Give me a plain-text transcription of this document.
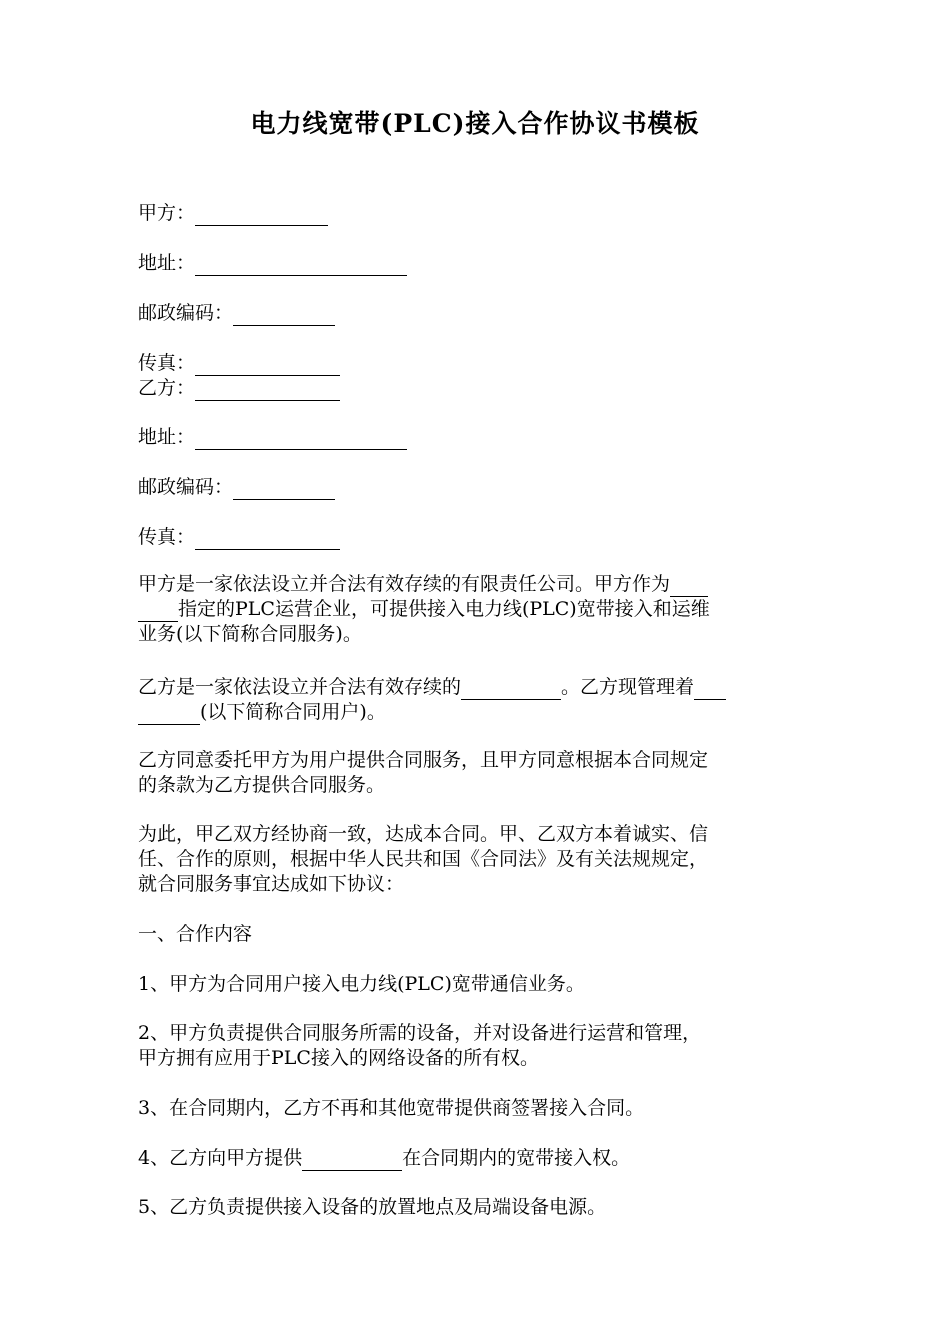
电力线宽带(PLC)接入合作协议书模板
甲方：
地址：
邮政编码：
传真：
乙方：
地址：
邮政编码：
传真：
甲方是一家依法设立并合法有效存续的有限责任公司。甲方作为
指定的PLC运营企业，可提供接入电力线(PLC)宽带接入和运维
业务(以下简称合同服务)。
乙方是一家依法设立并合法有效存续的	。乙方现管理着
(以下简称合同用户)。
乙方同意委托甲方为用户提供合同服务，且甲方同意根据本合同规定
的条款为乙方提供合同服务。
为此，甲乙双方经协商一致，达成本合同。甲、乙双方本着诚实、信
任、合作的原则，根据中华人民共和国《合同法》及有关法规规定，
就合同服务事宜达成如下协议：
一、合作内容
1、甲方为合同用户接入电力线(PLC)宽带通信业务。
2、甲方负责提供合同服务所需的设备，并对设备进行运营和管理，
甲方拥有应用于PLC接入的网络设备的所有权。
3、在合同期内，乙方不再和其他宽带提供商签署接入合同。
4、乙方向甲方提供	在合同期内的宽带接入权。
5、乙方负责提供接入设备的放置地点及局端设备电源。
